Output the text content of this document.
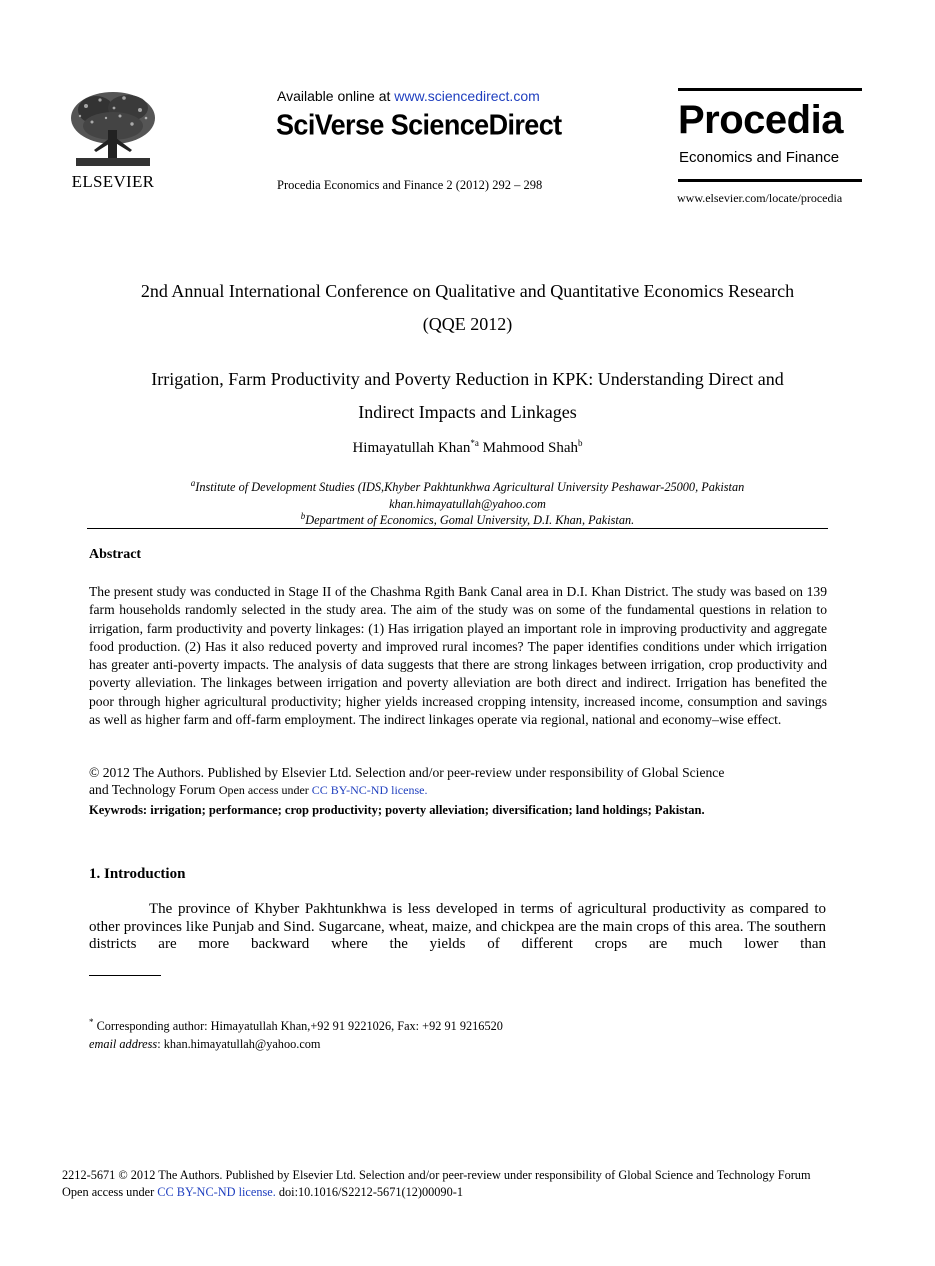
ELSEVIER
Available online at www.sciencedirect.com
SciVerse ScienceDirect
Procedia Economics and Finance 2 (2012) 292 – 298
Procedia
Economics and Finance
www.elsevier.com/locate/procedia
2nd Annual International Conference on Qualitative and Quantitative Economics Research
(QQE 2012)
Irrigation, Farm Productivity and Poverty Reduction in KPK: Understanding Direct and
Indirect Impacts and Linkages
Himayatullah Khan$^{*a}$ Mahmood Shah$^b$
$^a$Institute of Development Studies (IDS,Khyber Pakhtunkhwa Agricultural University Peshawar-25000, Pakistan
khan.himayatullah@yahoo.com
$^b$Department of Economics, Gomal University, D.I. Khan, Pakistan.
Abstract
The present study was conducted in Stage II of the Chashma Rgith Bank Canal area in D.I. Khan District. The study was based on 139 farm households randomly selected in the study area. The aim of the study was on some of the fundamental questions in relation to irrigation, farm productivity and poverty linkages: (1) Has irrigation played an important role in improving productivity and aggregate food production. (2) Has it also reduced poverty and improved rural incomes? The paper identifies conditions under which irrigation has greater anti-poverty impacts. The analysis of data suggests that there are strong linkages between irrigation, crop productivity and poverty alleviation. The linkages between irrigation and poverty alleviation are both direct and indirect. Irrigation has benefited the poor through higher agricultural productivity; higher yields increased cropping intensity, increased income, consumption and savings as well as higher farm and off-farm employment. The indirect linkages operate via regional, national and economy–wise effect.
© 2012 The Authors. Published by Elsevier Ltd. Selection and/or peer-review under responsibility of Global Science
and Technology Forum Open access under CC BY-NC-ND license.
Keywrods: irrigation; performance; crop productivity; poverty alleviation; diversification; land holdings; Pakistan.
1. Introduction
The province of Khyber Pakhtunkhwa is less developed in terms of agricultural productivity as compared to other provinces like Punjab and Sind. Sugarcane, wheat, maize, and chickpea are the main crops of this area. The southern districts are more backward where the yields of different crops are much lower than
* Corresponding author: Himayatullah Khan,+92 91 9221026, Fax: +92 91 9216520
email address: khan.himayatullah@yahoo.com
2212-5671 © 2012 The Authors. Published by Elsevier Ltd. Selection and/or peer-review under responsibility of Global Science and Technology Forum
Open access under CC BY-NC-ND license. doi:10.1016/S2212-5671(12)00090-1
